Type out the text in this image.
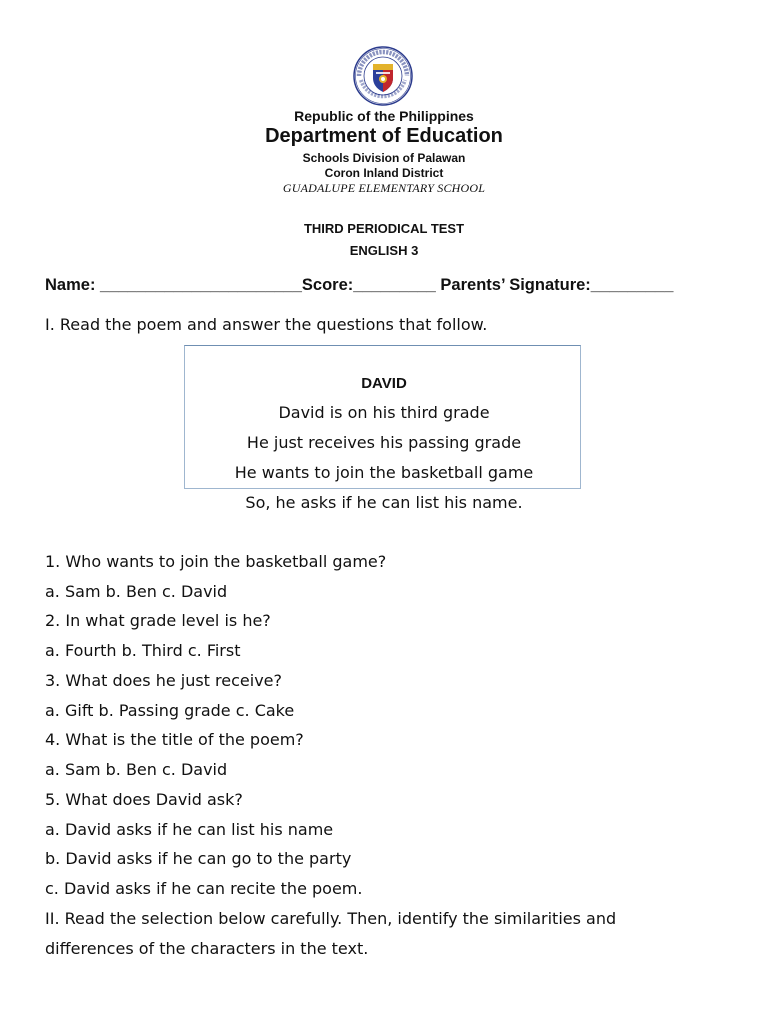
Republic of the Philippines
Department of Education
Schools Division of Palawan
Coron Inland District
GUADALUPE ELEMENTARY SCHOOL
THIRD PERIODICAL TEST
ENGLISH 3
Name: ______________________Score:_________ Parents’ Signature:_________
I. Read the poem and answer the questions that follow.
DAVID
David is on his third grade
He just receives his passing grade
He wants to join the basketball game
So, he asks if he can list his name.
1. Who wants to join the basketball game?
a. Sam b. Ben c. David
2. In what grade level is he?
a. Fourth b. Third c. First
3. What does he just receive?
a. Gift b. Passing grade c. Cake
4. What is the title of the poem?
a. Sam b. Ben c. David
5. What does David ask?
a. David asks if he can list his name
b. David asks if he can go to the party
c. David asks if he can recite the poem.
II. Read the selection below carefully. Then, identify the similarities and
differences of the characters in the text.
